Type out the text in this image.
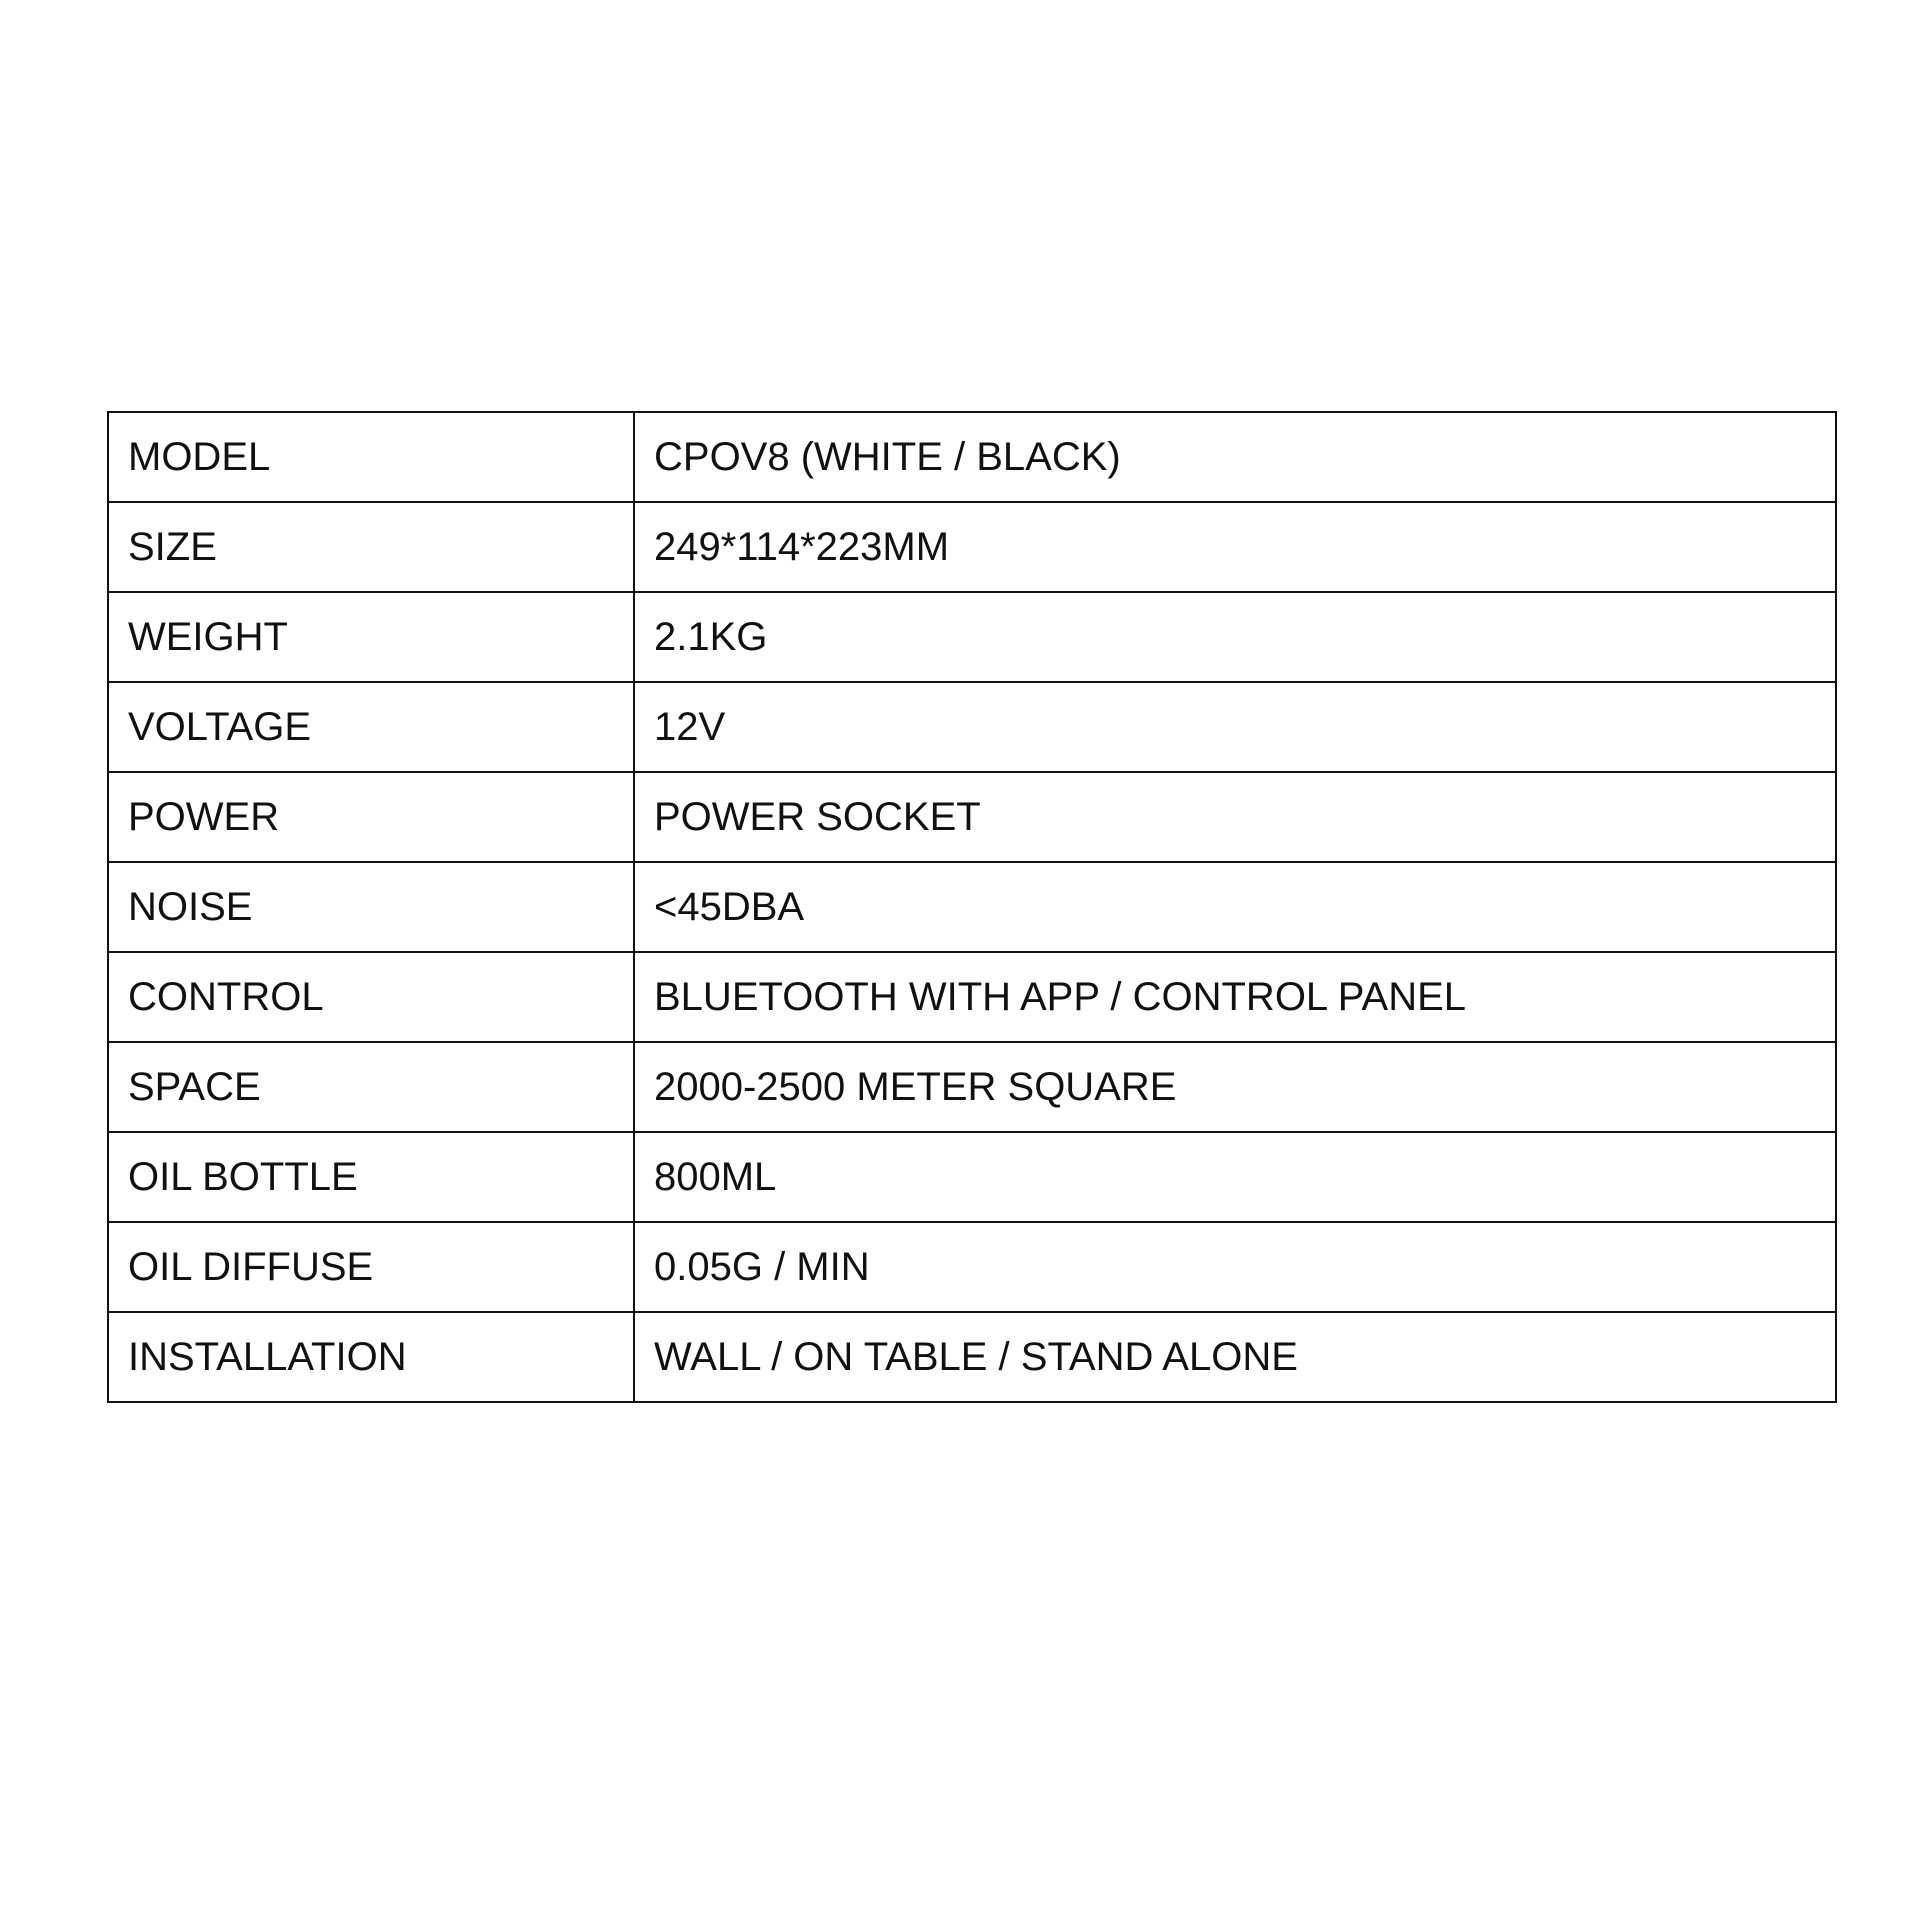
MODEL	CPOV8 (WHITE / BLACK)
SIZE	249*114*223MM
WEIGHT	2.1KG
VOLTAGE	12V
POWER	POWER SOCKET
NOISE	<45DBA
CONTROL	BLUETOOTH WITH APP / CONTROL PANEL
SPACE	2000-2500 METER SQUARE
OIL BOTTLE	800ML
OIL DIFFUSE	0.05G / MIN
INSTALLATION	WALL / ON TABLE / STAND ALONE
